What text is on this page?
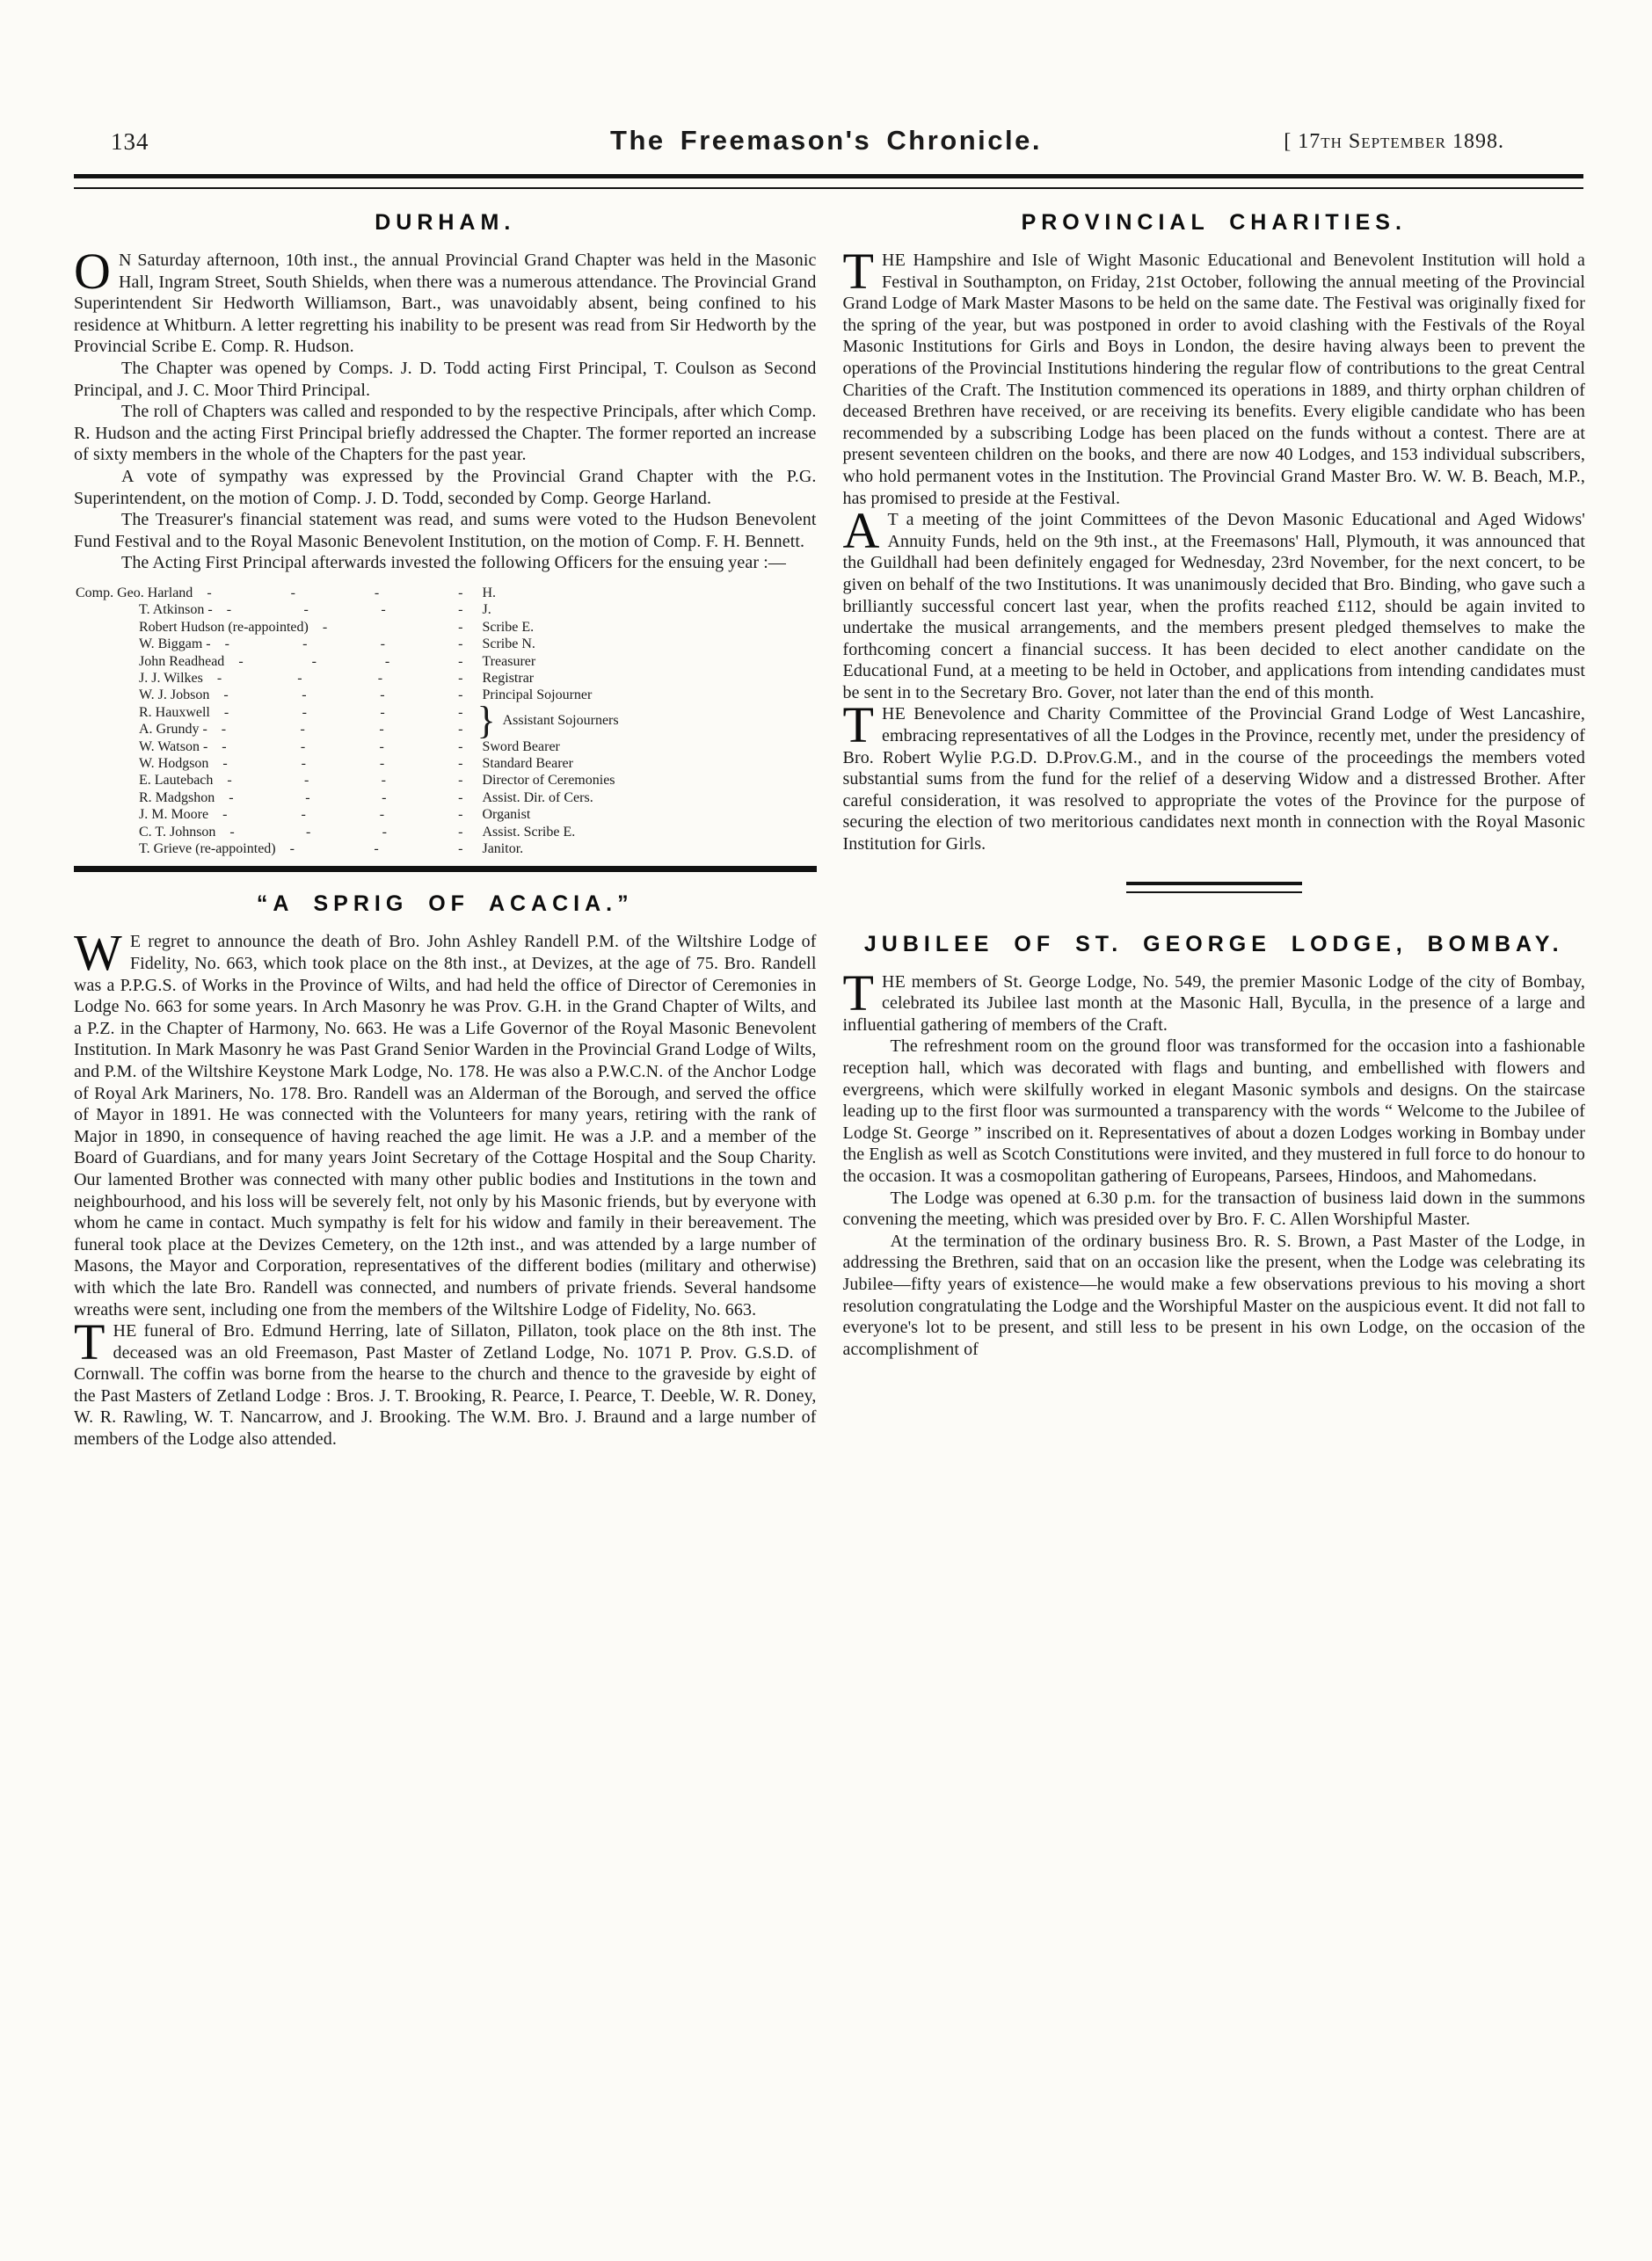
134	The Freemason's Chronicle.	[ 17th September 1898.
DURHAM.

O N Saturday afternoon, 10th inst., the annual Provincial Grand Chapter was held in the Masonic Hall, Ingram Street, South Shields, when there was a numerous attendance. The Provincial Grand Superintendent Sir Hedworth Williamson, Bart., was unavoidably absent, being confined to his residence at Whitburn. A letter regretting his inability to be present was read from Sir Hedworth by the Provincial Scribe E. Comp. R. Hudson.

The Chapter was opened by Comps. J. D. Todd acting First Principal, T. Coulson as Second Principal, and J. C. Moor Third Principal.

The roll of Chapters was called and responded to by the respective Principals, after which Comp. R. Hudson and the acting First Principal briefly addressed the Chapter. The former reported an increase of sixty members in the whole of the Chapters for the past year.

A vote of sympathy was expressed by the Provincial Grand Chapter with the P.G. Superintendent, on the motion of Comp. J. D. Todd, seconded by Comp. George Harland.

The Treasurer's financial statement was read, and sums were voted to the Hudson Benevolent Fund Festival and to the Royal Masonic Benevolent Institution, on the motion of Comp. F. H. Bennett.

The Acting First Principal afterwards invested the following Officers for the ensuing year :—

Comp. Geo. Harland	- - - -	H.
T. Atkinson -	- - - -	J.
Robert Hudson (re-appointed)	- -	Scribe E.
W. Biggam -	- - - -	Scribe N.
John Readhead	- - - -	Treasurer
J. J. Wilkes	- - - -	Registrar
W. J. Jobson	- - - -	Principal Sojourner
R. Hauxwell	- - - -
A. Grundy -	- - - - } Assistant Sojourners
W. Watson -	- - - -	Sword Bearer
W. Hodgson	- - - -	Standard Bearer
E. Lautebach	- - - -	Director of Ceremonies
R. Madgshon	- - - -	Assist. Dir. of Cers.
J. M. Moore	- - - -	Organist
C. T. Johnson	- - - -	Assist. Scribe E.
T. Grieve (re-appointed)	- - -	Janitor.
“A SPRIG OF ACACIA.”

W E regret to announce the death of Bro. John Ashley Randell P.M. of the Wiltshire Lodge of Fidelity, No. 663, which took place on the 8th inst., at Devizes, at the age of 75. Bro. Randell was a P.P.G.S. of Works in the Province of Wilts, and had held the office of Director of Ceremonies in Lodge No. 663 for some years. In Arch Masonry he was Prov. G.H. in the Grand Chapter of Wilts, and a P.Z. in the Chapter of Harmony, No. 663. He was a Life Governor of the Royal Masonic Benevolent Institution. In Mark Masonry he was Past Grand Senior Warden in the Provincial Grand Lodge of Wilts, and P.M. of the Wiltshire Keystone Mark Lodge, No. 178. He was also a P.W.C.N. of the Anchor Lodge of Royal Ark Mariners, No. 178. Bro. Randell was an Alderman of the Borough, and served the office of Mayor in 1891. He was connected with the Volunteers for many years, retiring with the rank of Major in 1890, in consequence of having reached the age limit. He was a J.P. and a member of the Board of Guardians, and for many years Joint Secretary of the Cottage Hospital and the Soup Charity. Our lamented Brother was connected with many other public bodies and Institutions in the town and neighbourhood, and his loss will be severely felt, not only by his Masonic friends, but by everyone with whom he came in contact. Much sympathy is felt for his widow and family in their bereavement. The funeral took place at the Devizes Cemetery, on the 12th inst., and was attended by a large number of Masons, the Mayor and Corporation, representatives of the different bodies (military and otherwise) with which the late Bro. Randell was connected, and numbers of private friends. Several handsome wreaths were sent, including one from the members of the Wiltshire Lodge of Fidelity, No. 663.

THE funeral of Bro. Edmund Herring, late of Sillaton, Pillaton, took place on the 8th inst. The deceased was an old Freemason, Past Master of Zetland Lodge, No. 1071 P. Prov. G.S.D. of Cornwall. The coffin was borne from the hearse to the church and thence to the graveside by eight of the Past Masters of Zetland Lodge : Bros. J. T. Brooking, R. Pearce, I. Pearce, T. Deeble, W. R. Doney, W. R. Rawling, W. T. Nancarrow, and J. Brooking. The W.M. Bro. J. Braund and a large number of members of the Lodge also attended.

PROVINCIAL CHARITIES.

THE Hampshire and Isle of Wight Masonic Educational and Benevolent Institution will hold a Festival in Southampton, on Friday, 21st October, following the annual meeting of the Provincial Grand Lodge of Mark Master Masons to be held on the same date. The Festival was originally fixed for the spring of the year, but was postponed in order to avoid clashing with the Festivals of the Royal Masonic Institutions for Girls and Boys in London, the desire having always been to prevent the operations of the Provincial Institutions hindering the regular flow of contributions to the great Central Charities of the Craft. The Institution commenced its operations in 1889, and thirty orphan children of deceased Brethren have received, or are receiving its benefits. Every eligible candidate who has been recommended by a subscribing Lodge has been placed on the funds without a contest. There are at present seventeen children on the books, and there are now 40 Lodges, and 153 individual subscribers, who hold permanent votes in the Institution. The Provincial Grand Master Bro. W. W. B. Beach, M.P., has promised to preside at the Festival.

A T a meeting of the joint Committees of the Devon Masonic Educational and Aged Widows' Annuity Funds, held on the 9th inst., at the Freemasons' Hall, Plymouth, it was announced that the Guildhall had been definitely engaged for Wednesday, 23rd November, for the next concert, to be given on behalf of the two Institutions. It was unanimously decided that Bro. Binding, who gave such a brilliantly successful concert last year, when the profits reached £112, should be again invited to undertake the musical arrangements, and the members present pledged themselves to make the forthcoming concert a financial success. It has been decided to elect another candidate on the Educational Fund, at a meeting to be held in October, and applications from intending candidates must be sent in to the Secretary Bro. Gover, not later than the end of this month.

THE Benevolence and Charity Committee of the Provincial Grand Lodge of West Lancashire, embracing representatives of all the Lodges in the Province, recently met, under the presidency of Bro. Robert Wylie P.G.D. D.Prov.G.M., and in the course of the proceedings the members voted substantial sums from the fund for the relief of a deserving Widow and a distressed Brother. After careful consideration, it was resolved to appropriate the votes of the Province for the purpose of securing the election of two meritorious candidates next month in connection with the Royal Masonic Institution for Girls.

JUBILEE OF ST. GEORGE LODGE, BOMBAY.

THE members of St. George Lodge, No. 549, the premier Masonic Lodge of the city of Bombay, celebrated its Jubilee last month at the Masonic Hall, Byculla, in the presence of a large and influential gathering of members of the Craft.

The refreshment room on the ground floor was transformed for the occasion into a fashionable reception hall, which was decorated with flags and bunting, and embellished with flowers and evergreens, which were skilfully worked in elegant Masonic symbols and designs. On the staircase leading up to the first floor was surmounted a transparency with the words “ Welcome to the Jubilee of Lodge St. George ” inscribed on it. Representatives of about a dozen Lodges working in Bombay under the English as well as Scotch Constitutions were invited, and they mustered in full force to do honour to the occasion. It was a cosmopolitan gathering of Europeans, Parsees, Hindoos, and Mahomedans.

The Lodge was opened at 6.30 p.m. for the transaction of business laid down in the summons convening the meeting, which was presided over by Bro. F. C. Allen Worshipful Master.

At the termination of the ordinary business Bro. R. S. Brown, a Past Master of the Lodge, in addressing the Brethren, said that on an occasion like the present, when the Lodge was celebrating its Jubilee—fifty years of existence—he would make a few observations previous to his moving a short resolution congratulating the Lodge and the Worshipful Master on the auspicious event. It did not fall to everyone's lot to be present, and still less to be present in his own Lodge, on the occasion of the accomplishment of
